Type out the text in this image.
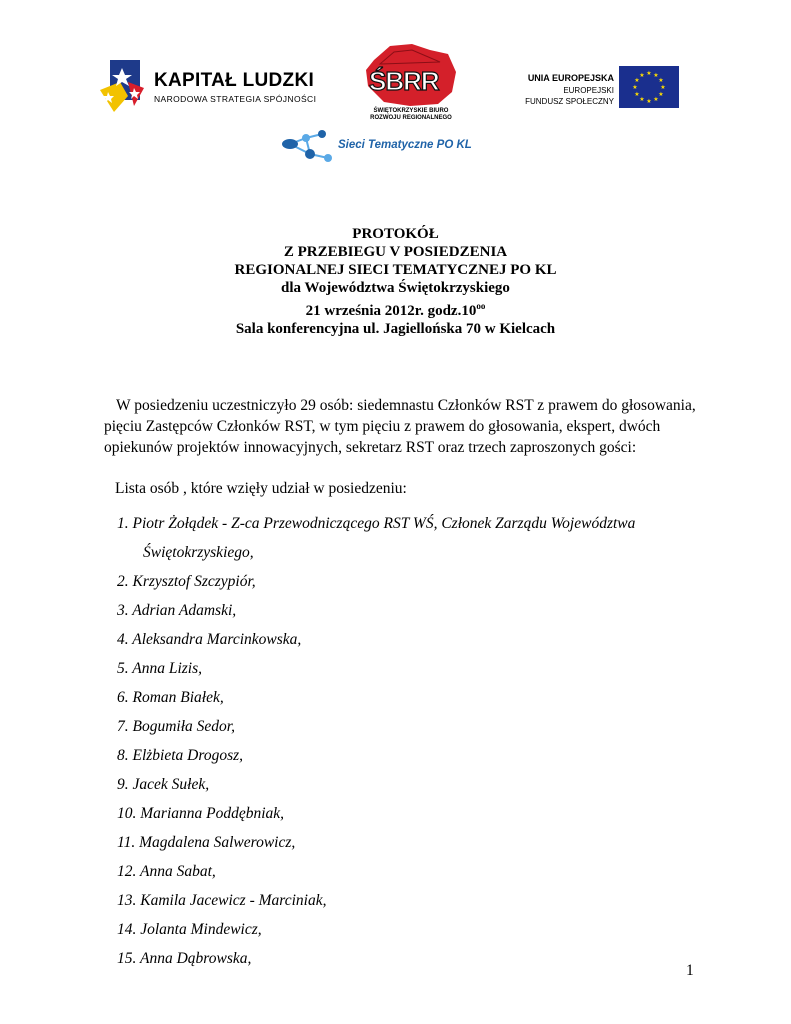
KAPITAŁ LUDZKI
NARODOWA STRATEGIA SPÓJNOŚCI
ŚBRR
ŚWIĘTOKRZYSKIE BIURO
ROZWOJU REGIONALNEGO
UNIA EUROPEJSKA
EUROPEJSKI
FUNDUSZ SPOŁECZNY
★ ★
★
★
★
★
★
★
★
★
★
★
Sieci Tematyczne PO KL
PROTOKÓŁ
Z PRZEBIEGU V POSIEDZENIA
REGIONALNEJ SIECI TEMATYCZNEJ PO KL
dla Województwa Świętokrzyskiego
21 września 2012r. $godz.10^{oo}$
Sala konferencyjna ul. Jagiellońska 70 w Kielcach
W posiedzeniu uczestniczyło 29 osób: siedemnastu Członków RST z prawem do głosowania,
pięciu Zastępców Członków RST, w tym pięciu z prawem do głosowania, ekspert, dwóch
opiekunów projektów innowacyjnych, sekretarz RST oraz trzech zaproszonych gości:
Lista osób , które wzięły udział w posiedzeniu:
1. Piotr Żołądek - Z-ca Przewodniczącego RST WŚ, Członek Zarządu Województwa
Świętokrzyskiego,
2. Krzysztof Szczypiór,
3. Adrian Adamski,
4. Aleksandra Marcinkowska,
5. Anna Lizis,
6. Roman Białek,
7. Bogumiła Sedor,
8. Elżbieta Drogosz,
9. Jacek Sułek,
10. Marianna Poddębniak,
11. Magdalena Salwerowicz,
12. Anna Sabat,
13. Kamila Jacewicz - Marciniak,
14. Jolanta Mindewicz,
15. Anna Dąbrowska,
1
